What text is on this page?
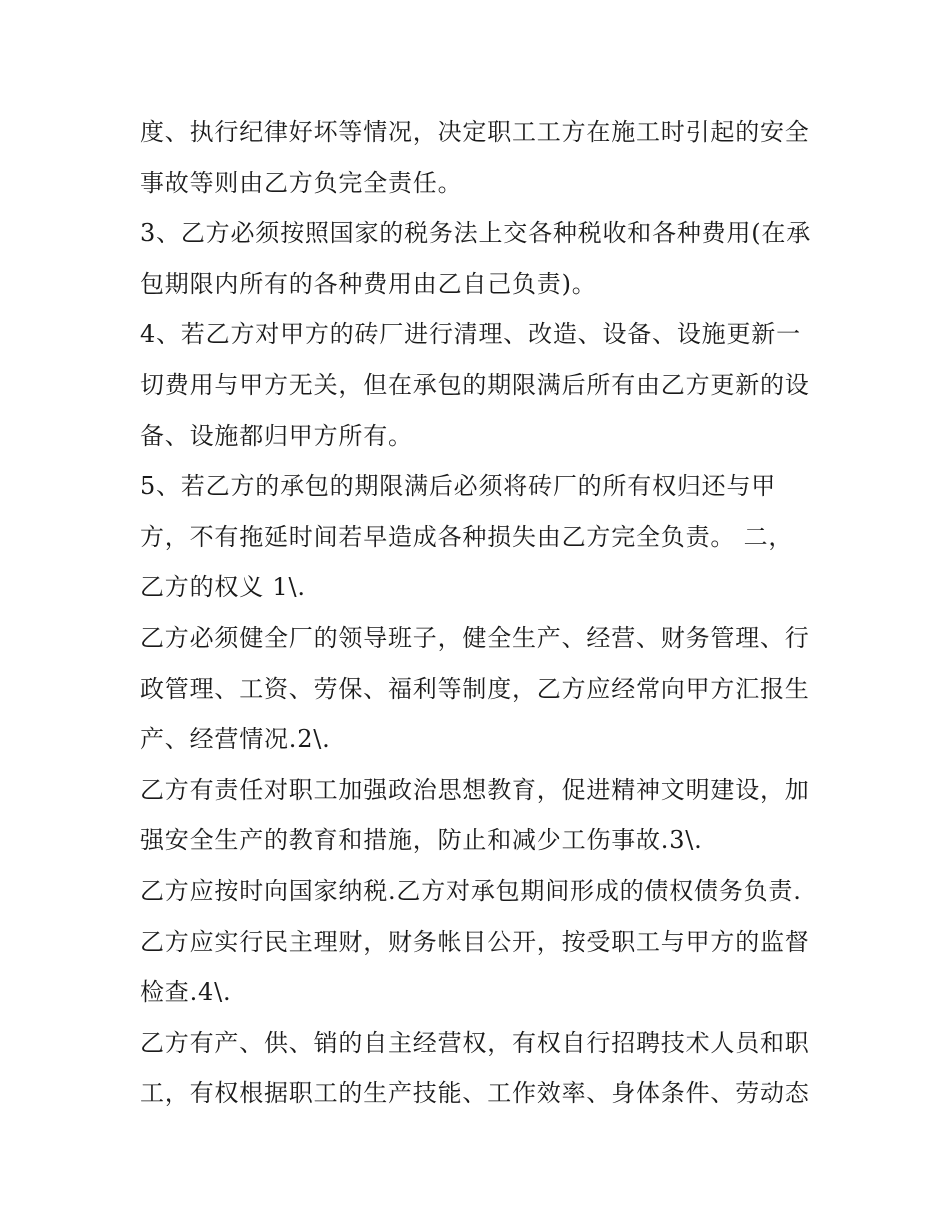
度、执行纪律好坏等情况，决定职工工方在施工时引起的安全
事故等则由乙方负完全责任。
3、乙方必须按照国家的税务法上交各种税收和各种费用(在承
包期限内所有的各种费用由乙自己负责)。
4、若乙方对甲方的砖厂进行清理、改造、设备、设施更新一
切费用与甲方无关，但在承包的期限满后所有由乙方更新的设
备、设施都归甲方所有。
5、若乙方的承包的期限满后必须将砖厂的所有权归还与甲
方，不有拖延时间若早造成各种损失由乙方完全负责。 二，
乙方的权义 1\.
乙方必须健全厂的领导班子，健全生产、经营、财务管理、行
政管理、工资、劳保、福利等制度，乙方应经常向甲方汇报生
产、经营情况.2\.
乙方有责任对职工加强政治思想教育，促进精神文明建设，加
强安全生产的教育和措施，防止和减少工伤事故.3\.
乙方应按时向国家纳税.乙方对承包期间形成的债权债务负责.
乙方应实行民主理财，财务帐目公开，按受职工与甲方的监督
检查.4\.
乙方有产、供、销的自主经营权，有权自行招聘技术人员和职
工，有权根据职工的生产技能、工作效率、身体条件、劳动态
